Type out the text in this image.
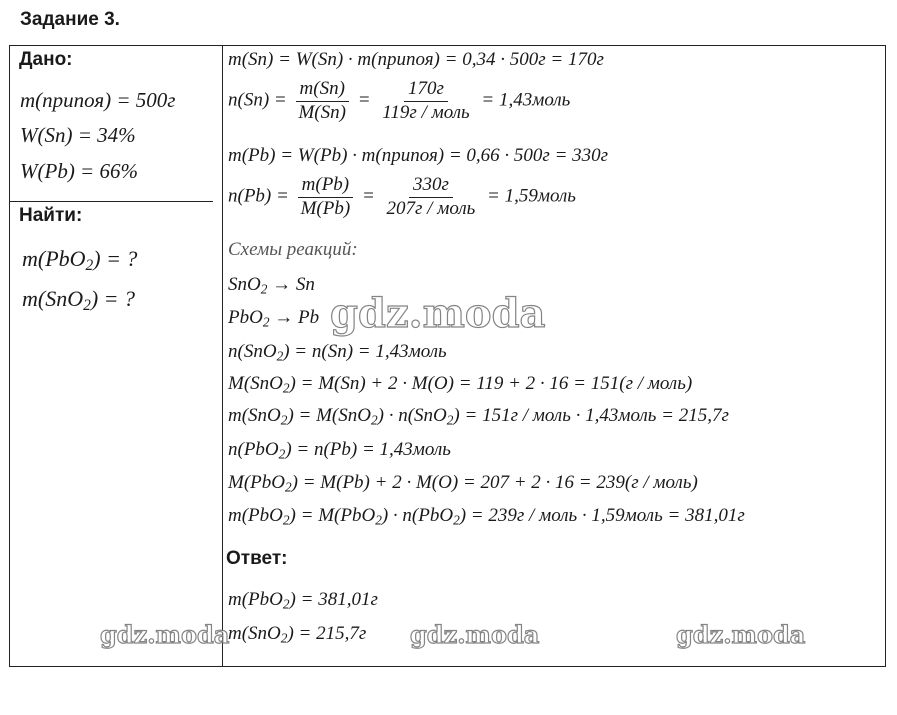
Задание 3.
Дано:
m(припоя) = 500г
W(Sn) = 34%
W(Pb) = 66%
Найти:
m(PbO$_2$) = ?
m(SnO$_2$) = ?
m(Sn) = W(Sn) · m(припоя) = 0,34 · 500г = 170г
$n(Sn) = \frac{m(Sn)}{M(Sn)} = \frac{170г}{\text{119г / моль}}$ = 1,43моль
m(Pb) = W(Pb) · m(припоя) = 0,66 · 500г = 330г
$n(Pb) = \frac{m(Pb)}{M(Pb)} = \frac{330г}{\text{207г / моль}}$ = 1,59моль
Схемы реакций:
SnO$_2$ → Sn
PbO$_2$ → Pb
n(SnO$_2$) = n(Sn) = 1,43моль
M(SnO$_2$) = M(Sn) + 2 · M(O) = 119 + 2 · 16 = 151(г / моль)
m(SnO$_2$) = M(SnO$_2$) · n(SnO$_2$) = 151г / моль · 1,43моль = 215,7г
n(PbO$_2$) = n(Pb) = 1,43моль
M(PbO$_2$) = M(Pb) + 2 · M(O) = 207 + 2 · 16 = 239(г / моль)
m(PbO$_2$) = M(PbO$_2$) · n(PbO$_2$) = 239г / моль · 1,59моль = 381,01г
Ответ:
m(PbO$_2$) = 381,01г
m(SnO$_2$) = 215,7г
gdz.moda
gdz.moda	gdz.moda	gdz.moda
